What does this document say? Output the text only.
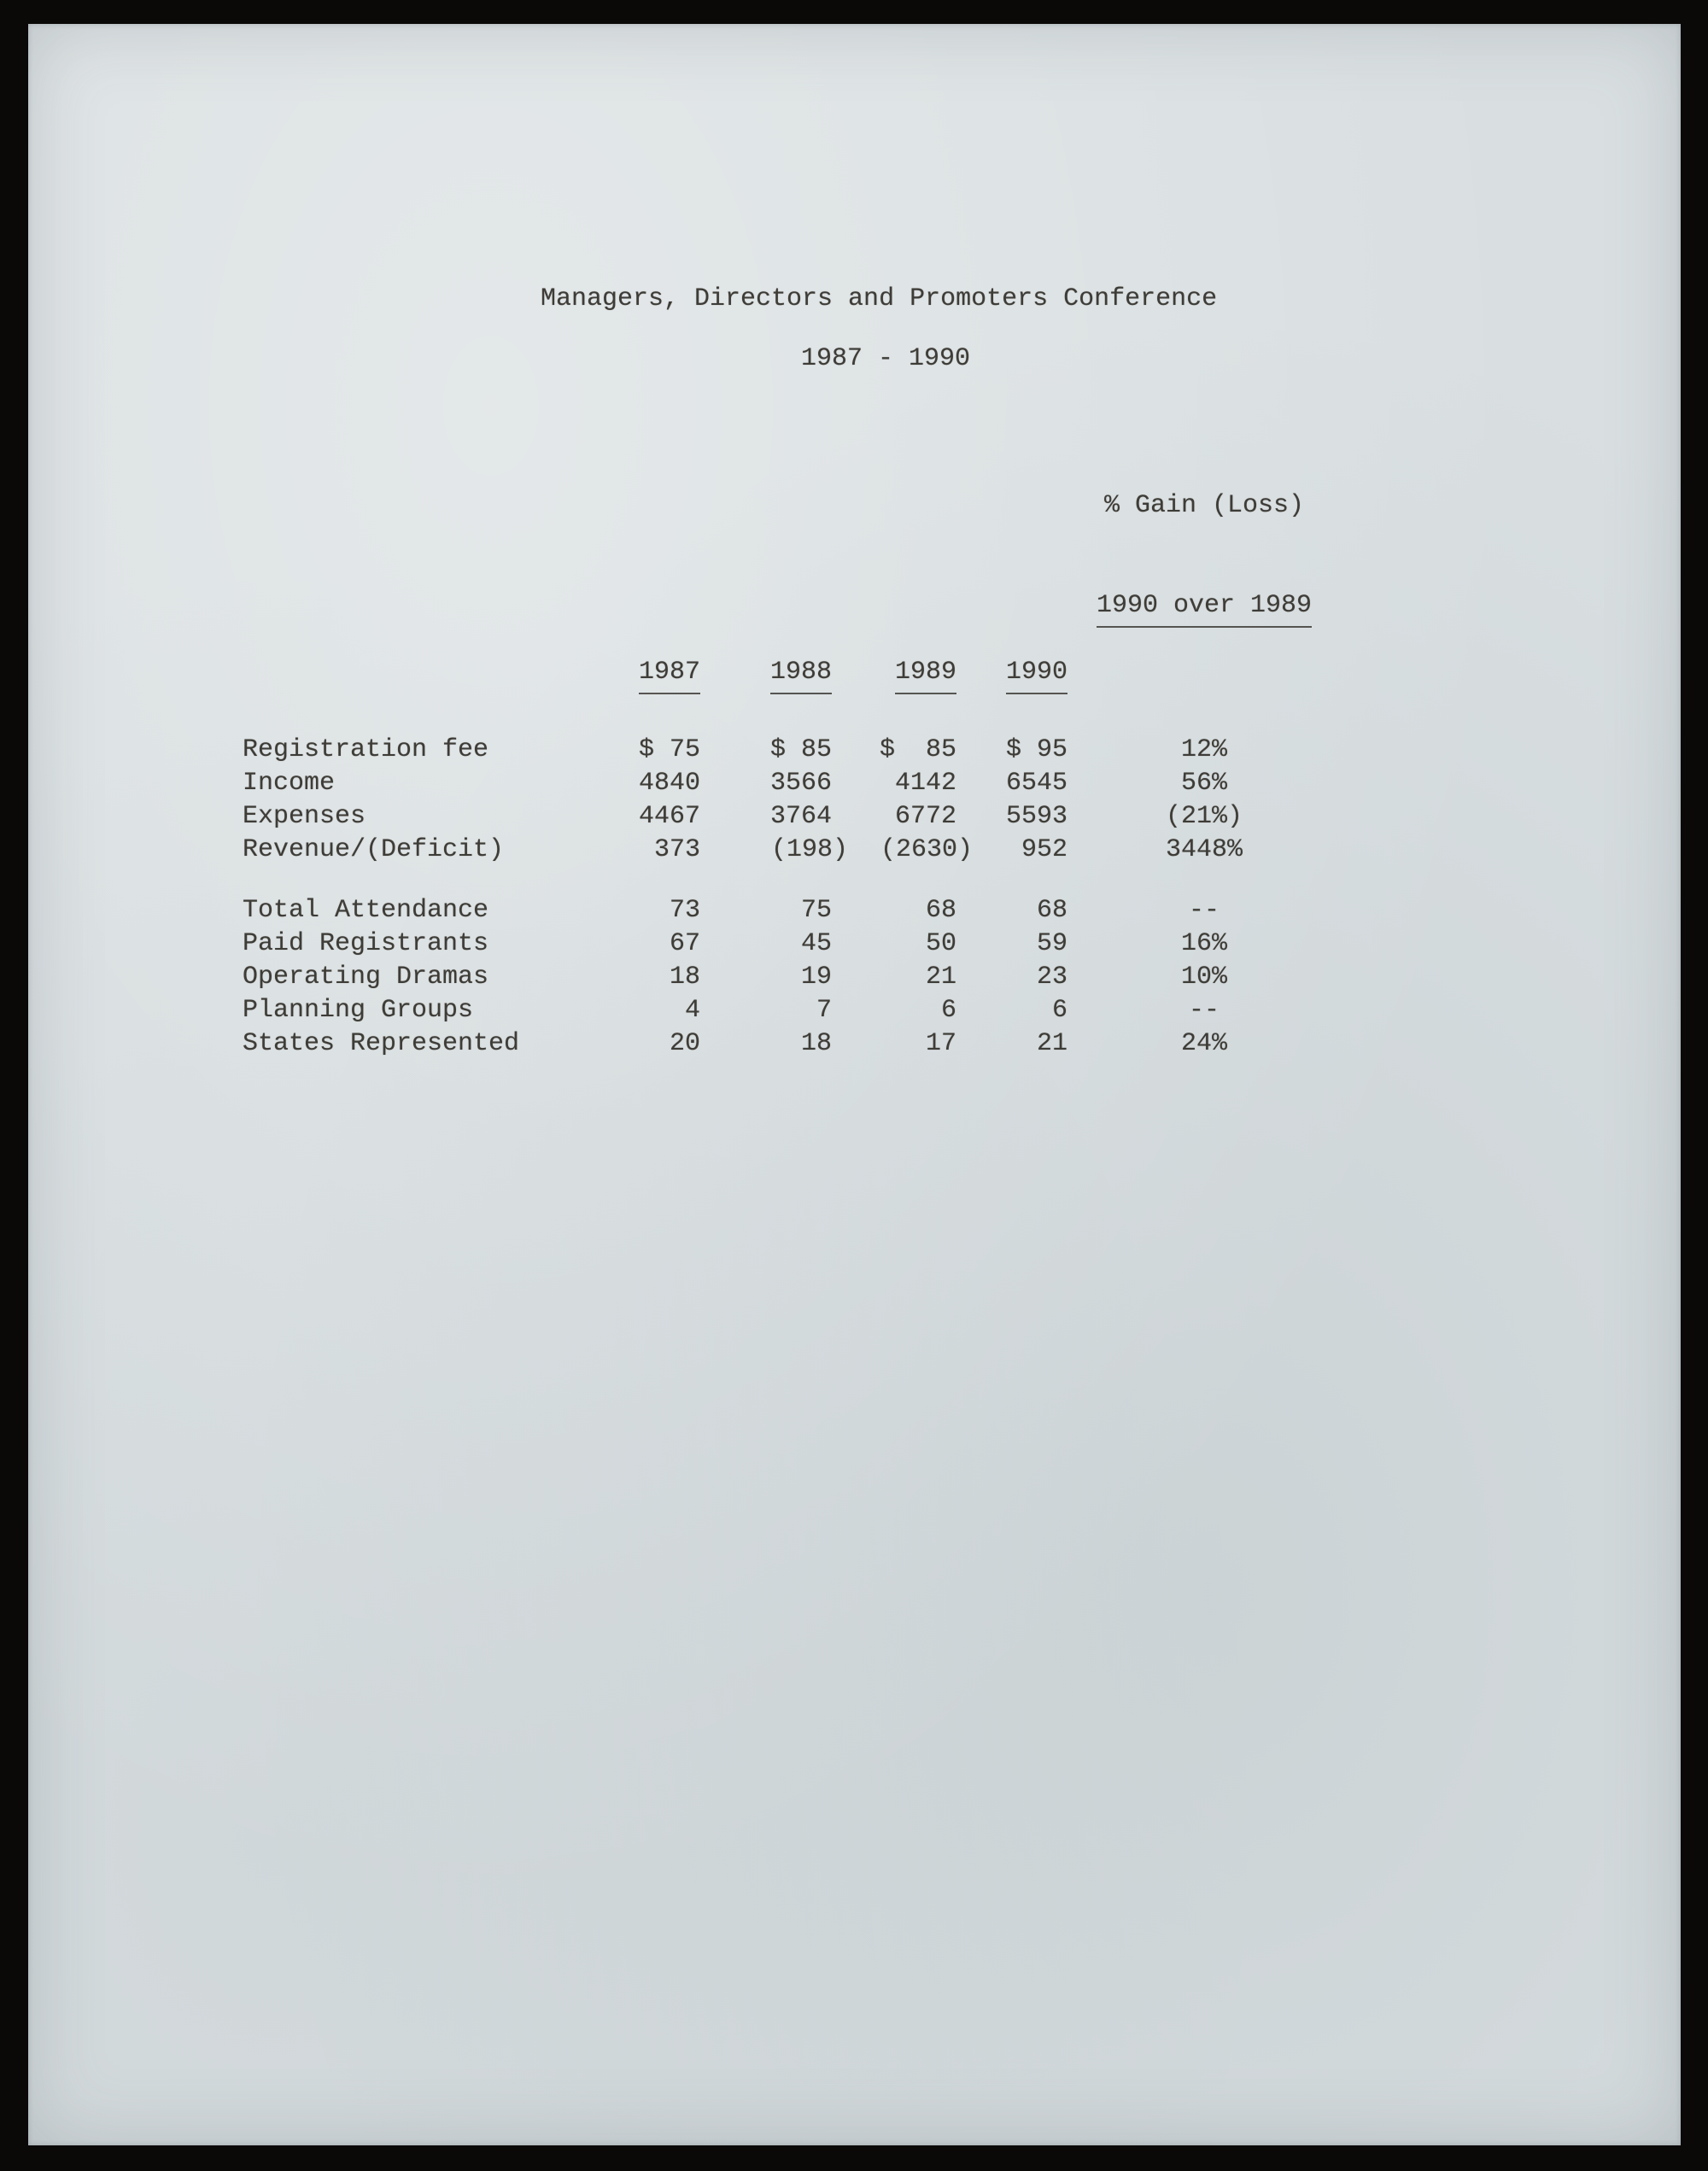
Managers, Directors and Promoters Conference
1987 - 1990
1987	1988	1989	1990

% Gain (Loss)

1990 over 1989

Registration fee	$ 75	$ 85	$  85	$ 95	12%
Income	4840	3566	4142	6545	56%
Expenses	4467	3764	6772	5593	(21%)
Revenue/(Deficit)	373	(198)	(2630)	952	3448%
Total Attendance	73	75	68	68	--
Paid Registrants	67	45	50	59	16%
Operating Dramas	18	19	21	23	10%
Planning Groups	4	7	6	6	--
States Represented	20	18	17	21	24%
